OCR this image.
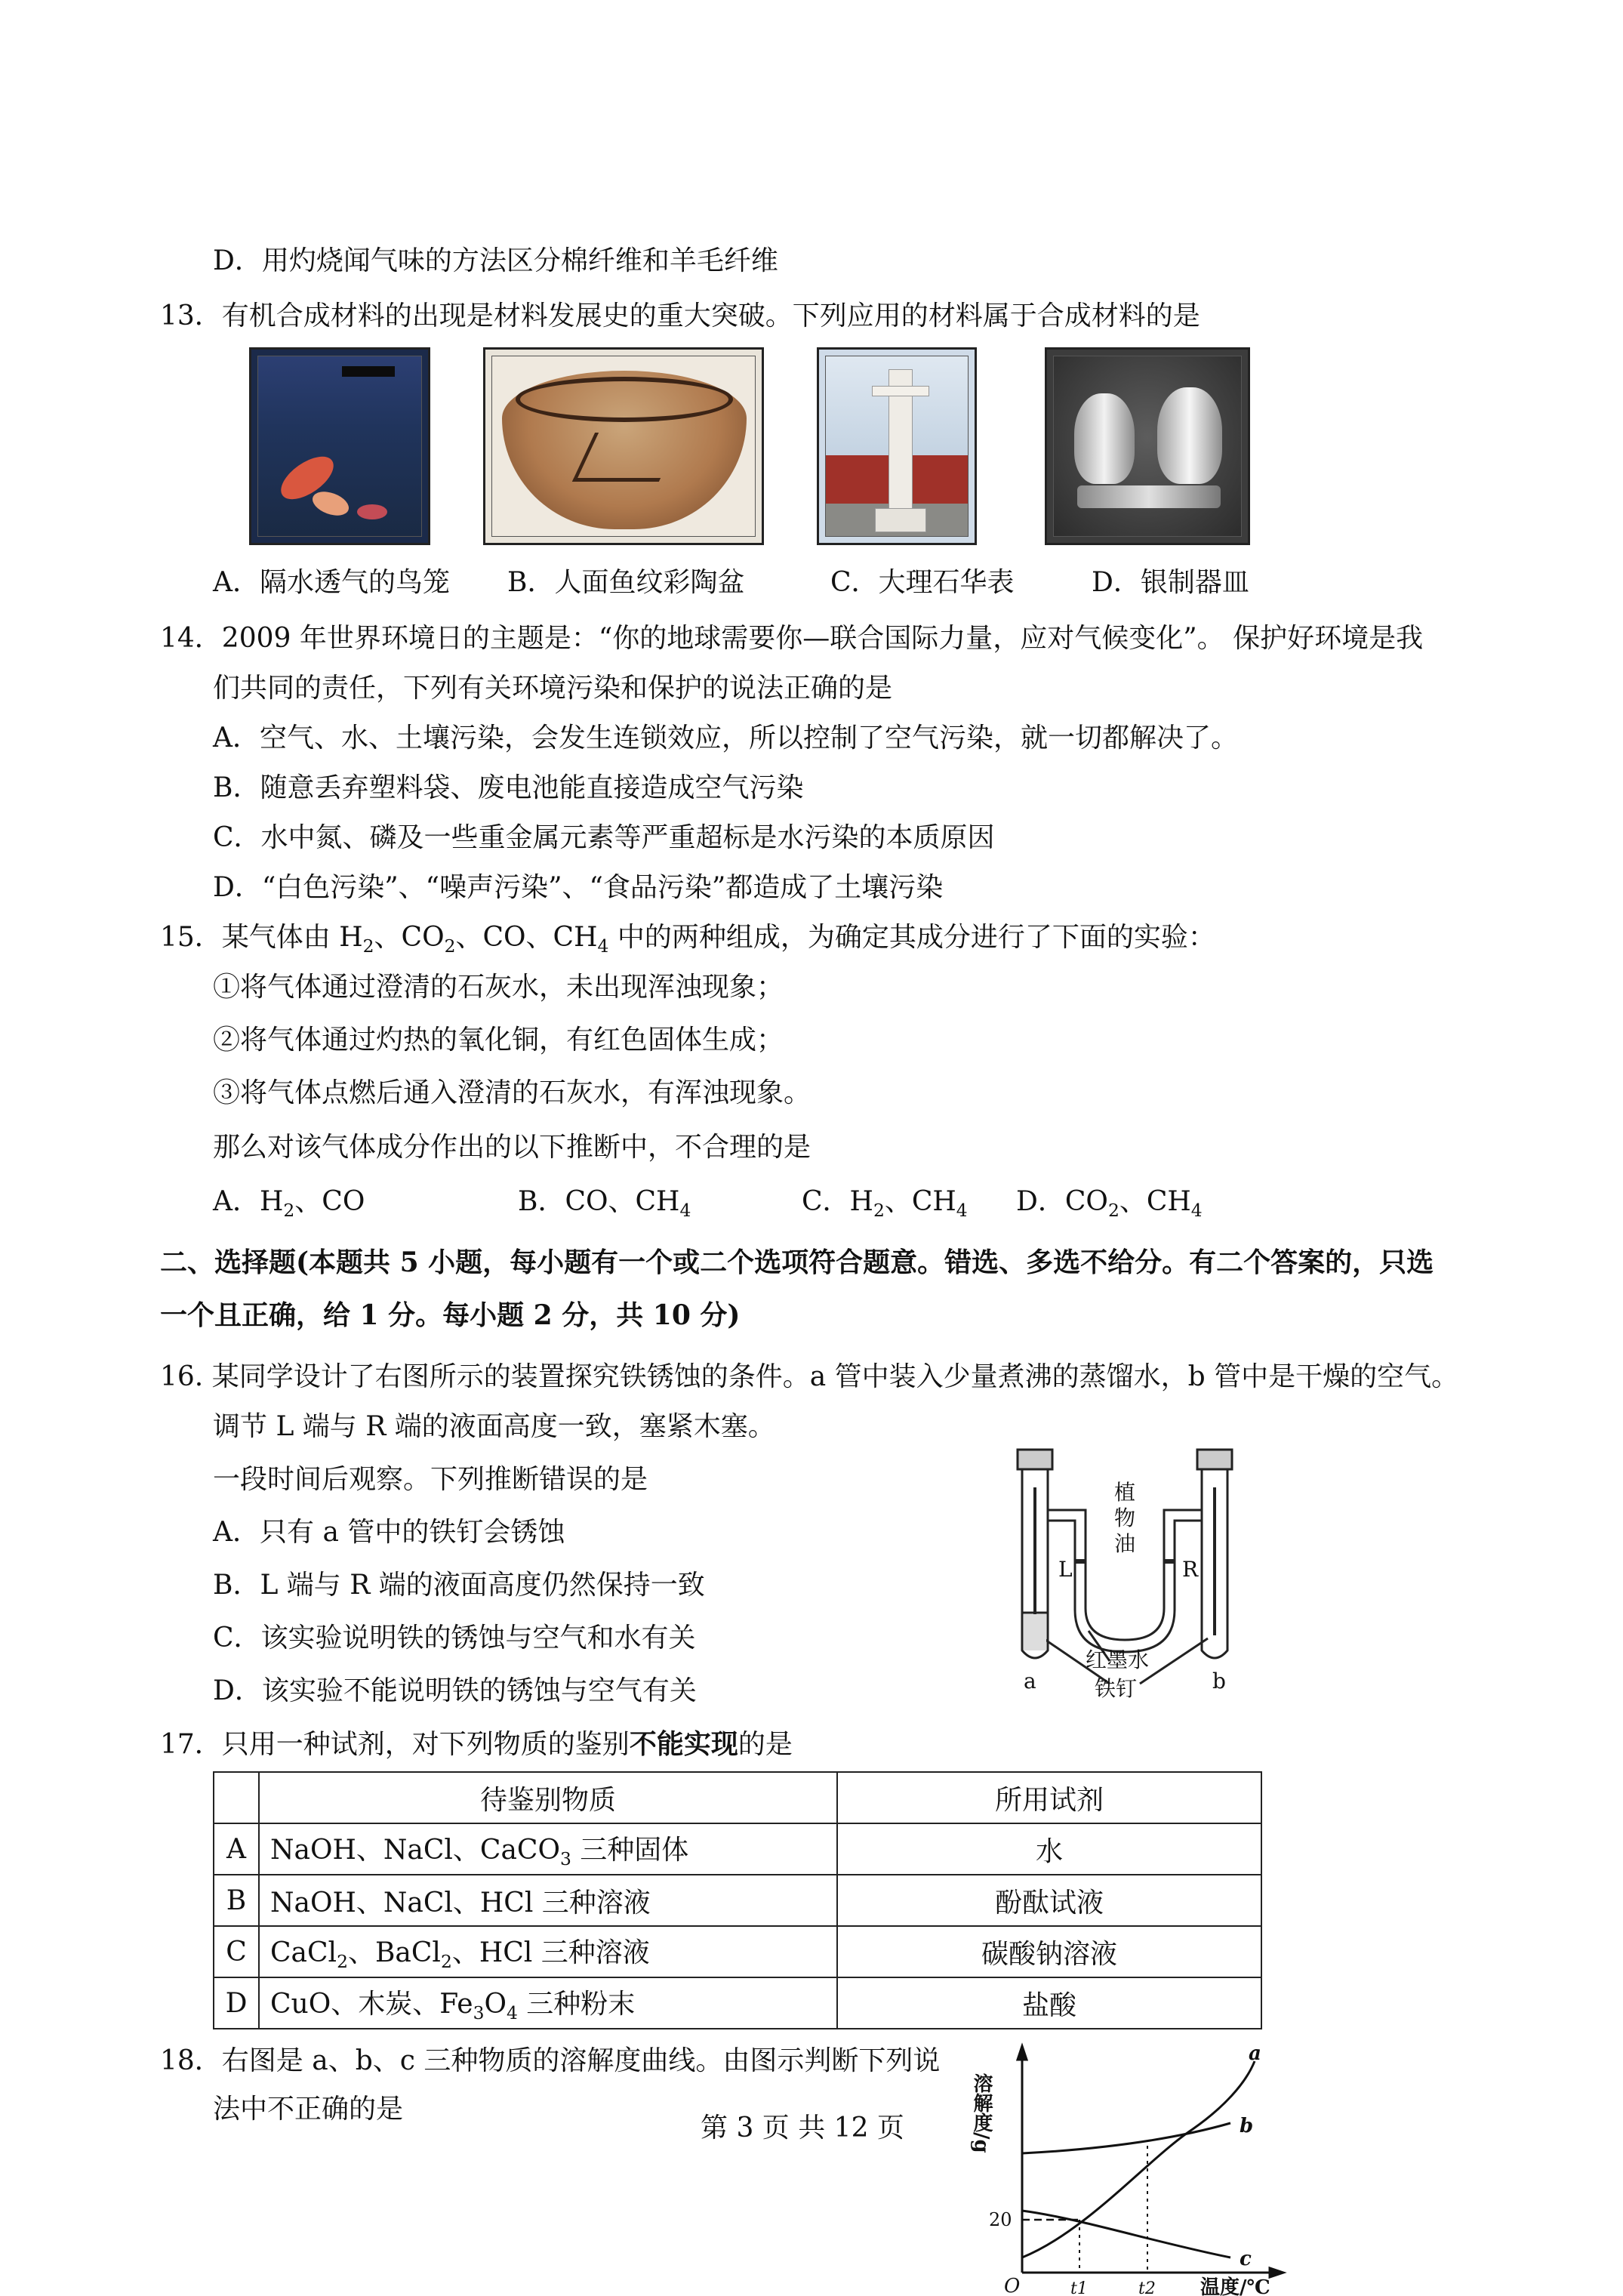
D．用灼烧闻气味的方法区分棉纤维和羊毛纤维
13．有机合成材料的出现是材料发展史的重大突破。下列应用的材料属于合成材料的是
A．隔水透气的鸟笼 B．人面鱼纹彩陶盆	C．大理石华表	D．银制器皿
14．2009 年世界环境日的主题是：“你的地球需要你—联合国际力量，应对气候变化”。 保护好环境是我
们共同的责任，下列有关环境污染和保护的说法正确的是
A．空气、水、土壤污染，会发生连锁效应，所以控制了空气污染，就一切都解决了。
B．随意丢弃塑料袋、废电池能直接造成空气污染
C．水中氮、磷及一些重金属元素等严重超标是水污染的本质原因
D．“白色污染”、“噪声污染”、“食品污染”都造成了土壤污染
15．某气体由 $H_2$、$CO_2$、CO、$CH_4$ 中的两种组成，为确定其成分进行了下面的实验：
①将气体通过澄清的石灰水，未出现浑浊现象；
②将气体通过灼热的氧化铜，有红色固体生成；
③将气体点燃后通入澄清的石灰水，有浑浊现象。
那么对该气体成分作出的以下推断中，不合理的是
A．$H_2$、CO	B．CO、$CH_4$	C．$H_2$、$CH_4$ D．$CO_2$、$CH_4$
二、选择题(本题共 5 小题，每小题有一个或二个选项符合题意。错选、多选不给分。有二个答案的，只选
一个且正确，给 1 分。每小题 2 分，共 10 分)
16. 某同学设计了右图所示的装置探究铁锈蚀的条件。a 管中装入少量煮沸的蒸馏水，b 管中是干燥的空气。
调节 L 端与 R 端的液面高度一致，塞紧木塞。
一段时间后观察。下列推断错误的是
A．只有 a 管中的铁钉会锈蚀
B．L 端与 R 端的液面高度仍然保持一致
C．该实验说明铁的锈蚀与空气和水有关
D．该实验不能说明铁的锈蚀与空气有关
植
物
油
L	R
红墨水
铁钉
a	b
17．只用一种试剂，对下列物质的鉴别不能实现的是
	待鉴别物质	所用试剂
A	NaOH、NaCl、CaCO$_3$ 三种固体	水
B	NaOH、NaCl、HCl 三种溶液	酚酞试液
C	CaCl$_2$、BaCl$_2$、HCl 三种溶液	碳酸钠溶液
D	CuO、木炭、$Fe_3O_4$ 三种粉末	盐酸
18．右图是 a、b、c 三种物质的溶解度曲线。由图示判断下列说
法中不正确的是	溶解度/g
20
O	t1	t2 温度/℃
a
b
c
第 3 页 共 12 页
